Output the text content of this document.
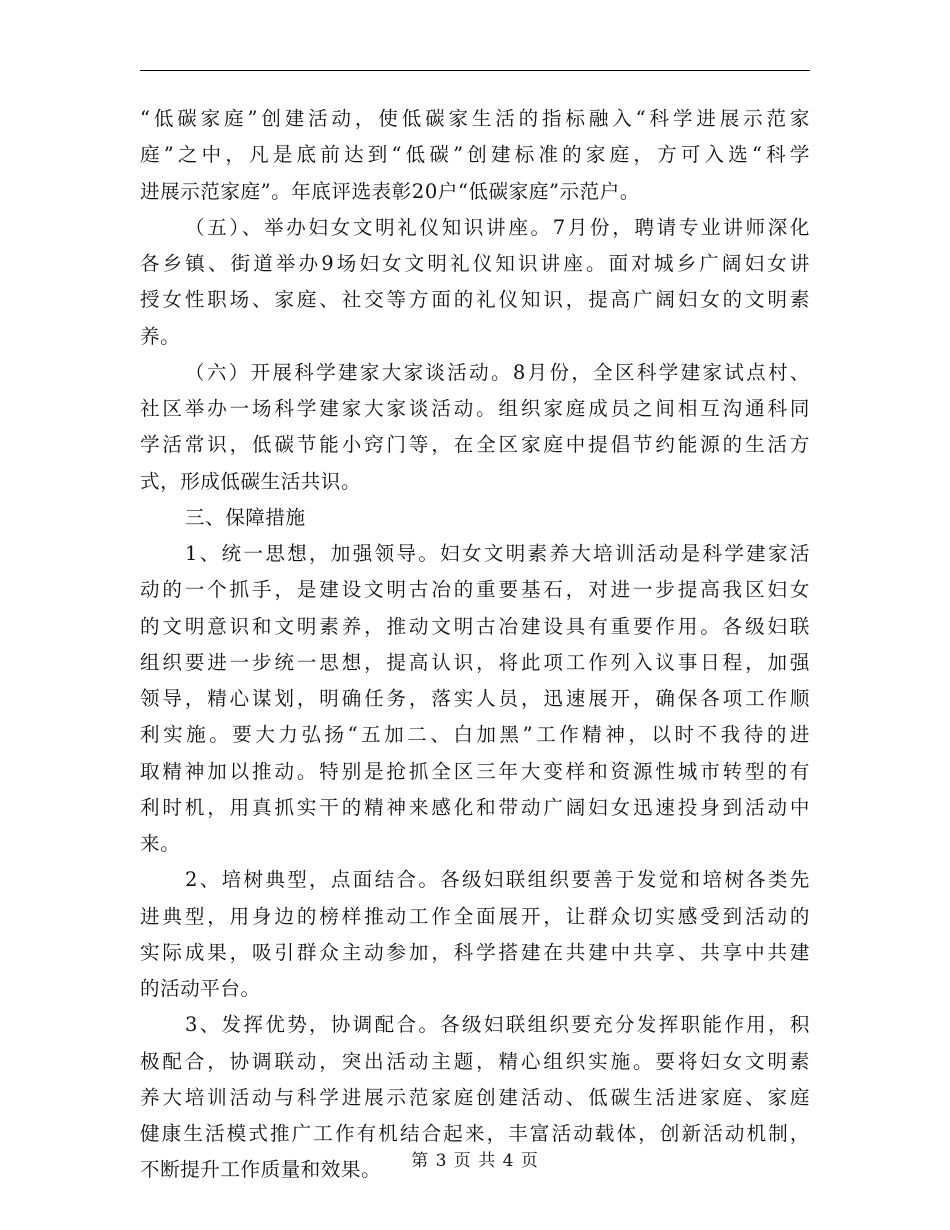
“低碳家庭”创建活动，使低碳家生活的指标融入“科学进展示范家
庭”之中，凡是底前达到“低碳”创建标准的家庭，方可入选“科学
进展示范家庭”。年底评选表彰20户“低碳家庭”示范户。
（五）、举办妇女文明礼仪知识讲座。7月份，聘请专业讲师深化
各乡镇、街道举办9场妇女文明礼仪知识讲座。面对城乡广阔妇女讲
授女性职场、家庭、社交等方面的礼仪知识，提高广阔妇女的文明素
养。
（六）开展科学建家大家谈活动。8月份，全区科学建家试点村、
社区举办一场科学建家大家谈活动。组织家庭成员之间相互沟通科同
学活常识，低碳节能小窍门等，在全区家庭中提倡节约能源的生活方
式，形成低碳生活共识。
三、保障措施
1、统一思想，加强领导。妇女文明素养大培训活动是科学建家活
动的一个抓手，是建设文明古冶的重要基石，对进一步提高我区妇女
的文明意识和文明素养，推动文明古冶建设具有重要作用。各级妇联
组织要进一步统一思想，提高认识，将此项工作列入议事日程，加强
领导，精心谋划，明确任务，落实人员，迅速展开，确保各项工作顺
利实施。要大力弘扬“五加二、白加黑”工作精神，以时不我待的进
取精神加以推动。特别是抢抓全区三年大变样和资源性城市转型的有
利时机，用真抓实干的精神来感化和带动广阔妇女迅速投身到活动中
来。
2、培树典型，点面结合。各级妇联组织要善于发觉和培树各类先
进典型，用身边的榜样推动工作全面展开，让群众切实感受到活动的
实际成果，吸引群众主动参加，科学搭建在共建中共享、共享中共建
的活动平台。
3、发挥优势，协调配合。各级妇联组织要充分发挥职能作用，积
极配合，协调联动，突出活动主题，精心组织实施。要将妇女文明素
养大培训活动与科学进展示范家庭创建活动、低碳生活进家庭、家庭
健康生活模式推广工作有机结合起来，丰富活动载体，创新活动机制，
不断提升工作质量和效果。	第 3 页 共 4 页
